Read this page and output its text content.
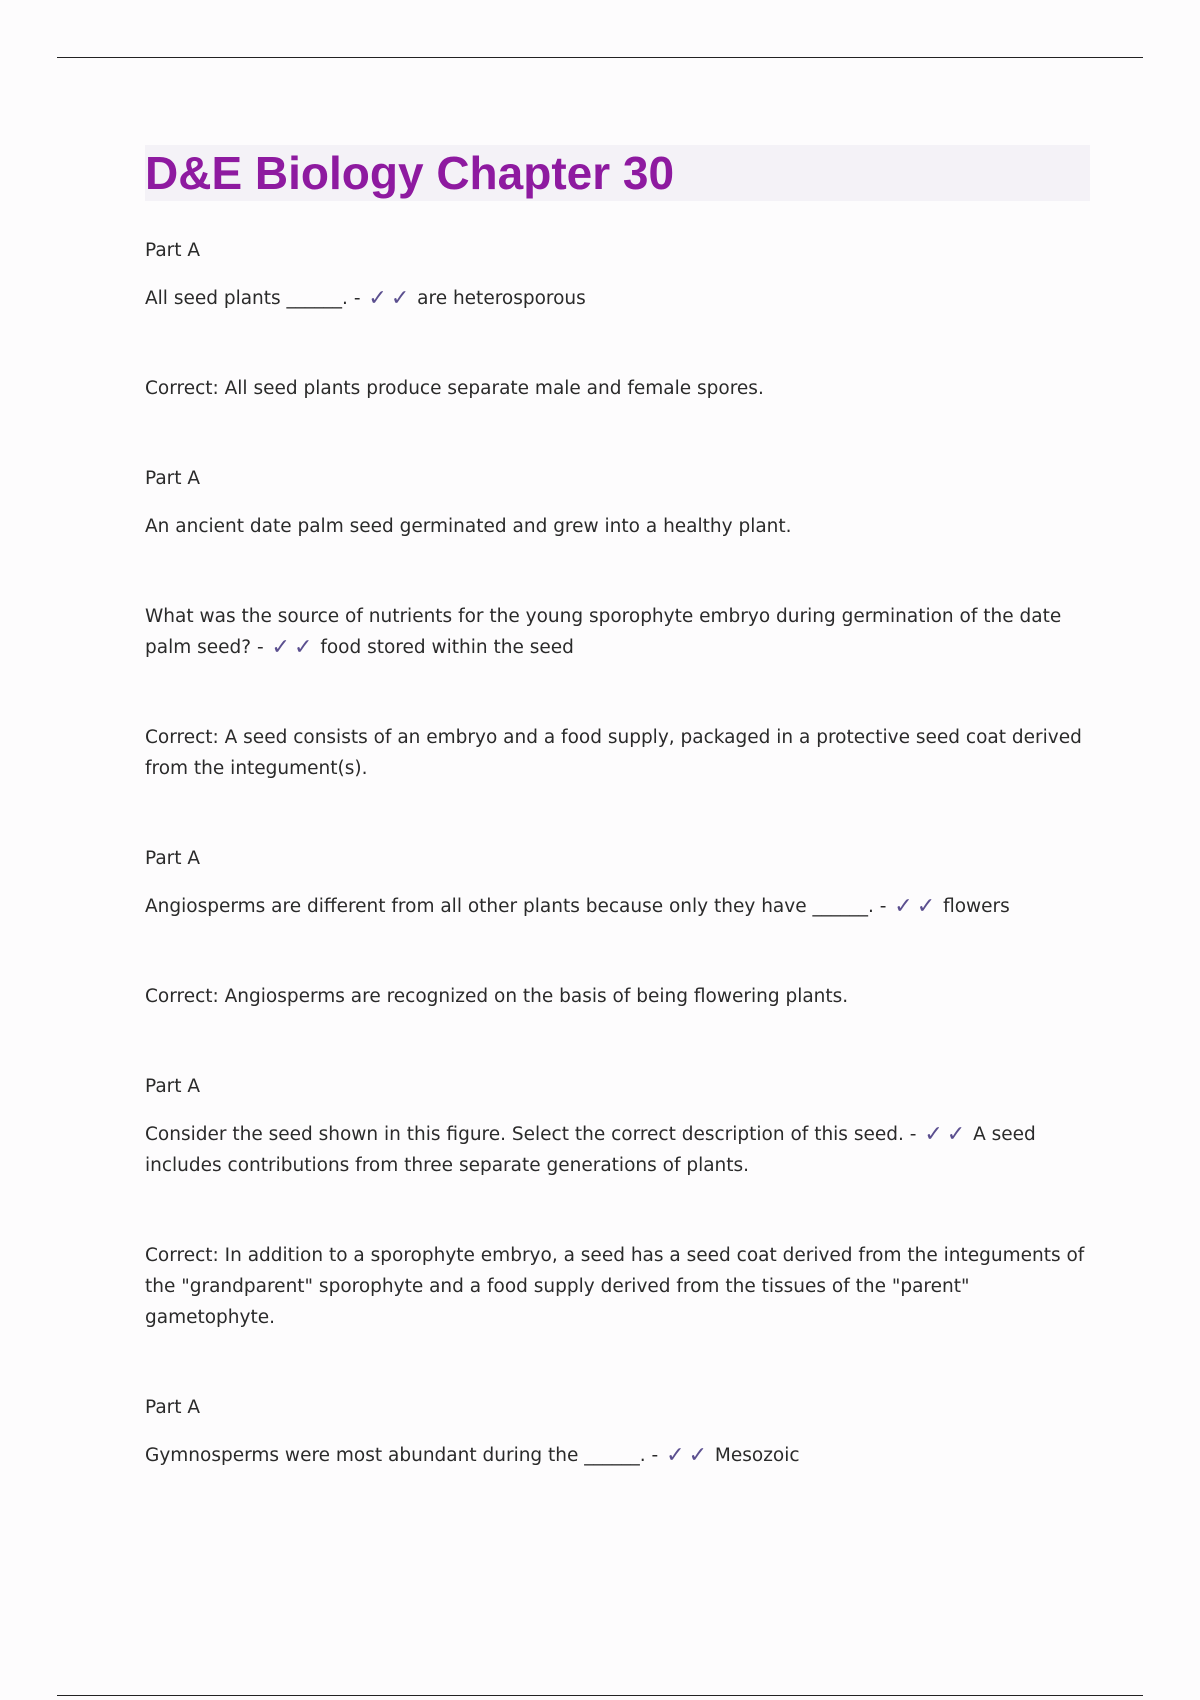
D&E Biology Chapter 30

Part A

All seed plants ______. - ✓ ✓ are heterosporous

Correct: All seed plants produce separate male and female spores.

Part A

An ancient date palm seed germinated and grew into a healthy plant.

What was the source of nutrients for the young sporophyte embryo during germination of the date palm seed? - ✓ ✓ food stored within the seed

Correct: A seed consists of an embryo and a food supply, packaged in a protective seed coat derived from the integument(s).

Part A

Angiosperms are different from all other plants because only they have ______. - ✓ ✓ flowers

Correct: Angiosperms are recognized on the basis of being flowering plants.

Part A

Consider the seed shown in this figure. Select the correct description of this seed. - ✓ ✓ A seed includes contributions from three separate generations of plants.

Correct: In addition to a sporophyte embryo, a seed has a seed coat derived from the integuments of the "grandparent" sporophyte and a food supply derived from the tissues of the "parent" gametophyte.

Part A

Gymnosperms were most abundant during the ______. - ✓ ✓ Mesozoic
